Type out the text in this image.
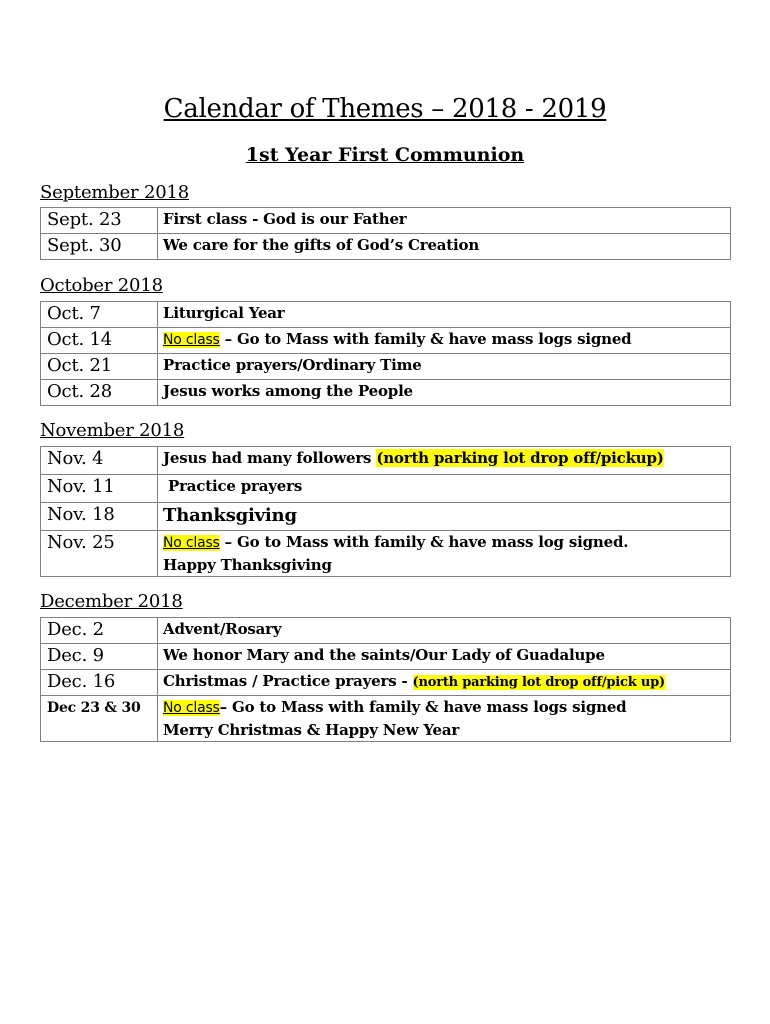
Calendar of Themes – 2018 - 2019
1st Year First Communion
September 2018
Sept. 23	First class - God is our Father
Sept. 30	We care for the gifts of God’s Creation
October 2018
Oct. 7	Liturgical Year
Oct. 14	No class – Go to Mass with family & have mass logs signed
Oct. 21	Practice prayers/Ordinary Time
Oct. 28	Jesus works among the People
November 2018
Nov. 4	Jesus had many followers (north parking lot drop off/pickup)
Nov. 11	Practice prayers
Nov. 18	Thanksgiving
Nov. 25	No class – Go to Mass with family & have mass log signed.
Happy Thanksgiving
December 2018
Dec. 2	Advent/Rosary
Dec. 9	We honor Mary and the saints/Our Lady of Guadalupe
Dec. 16	Christmas / Practice prayers - (north parking lot drop off/pick up)
Dec 23 & 30	No class– Go to Mass with family & have mass logs signed
Merry Christmas & Happy New Year
